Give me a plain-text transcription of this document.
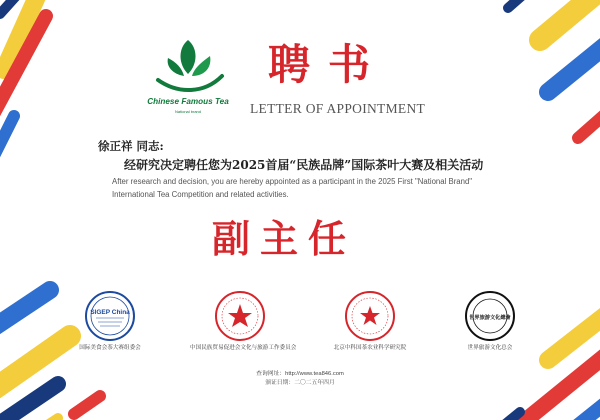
Chinese Famous Tea
National brand
聘书
LETTER OF APPOINTMENT
徐正祥 同志:
经研究决定聘任您为2025首届“民族品牌”国际茶叶大赛及相关活动
After research and decision, you are hereby appointed as a participant in the 2025 First "National Brand" International Tea Competition and related activities.
副主任
SIGEP China
国际美食会茶大赛组委会	中国民族贸易促进会文化与旅游工作委员会	北京中科国茶农业科学研究院
世界旅游文化總會
世界旅游文化总会
查询网址：http://www.tea846.com
颁证日期：二〇二五年四月
